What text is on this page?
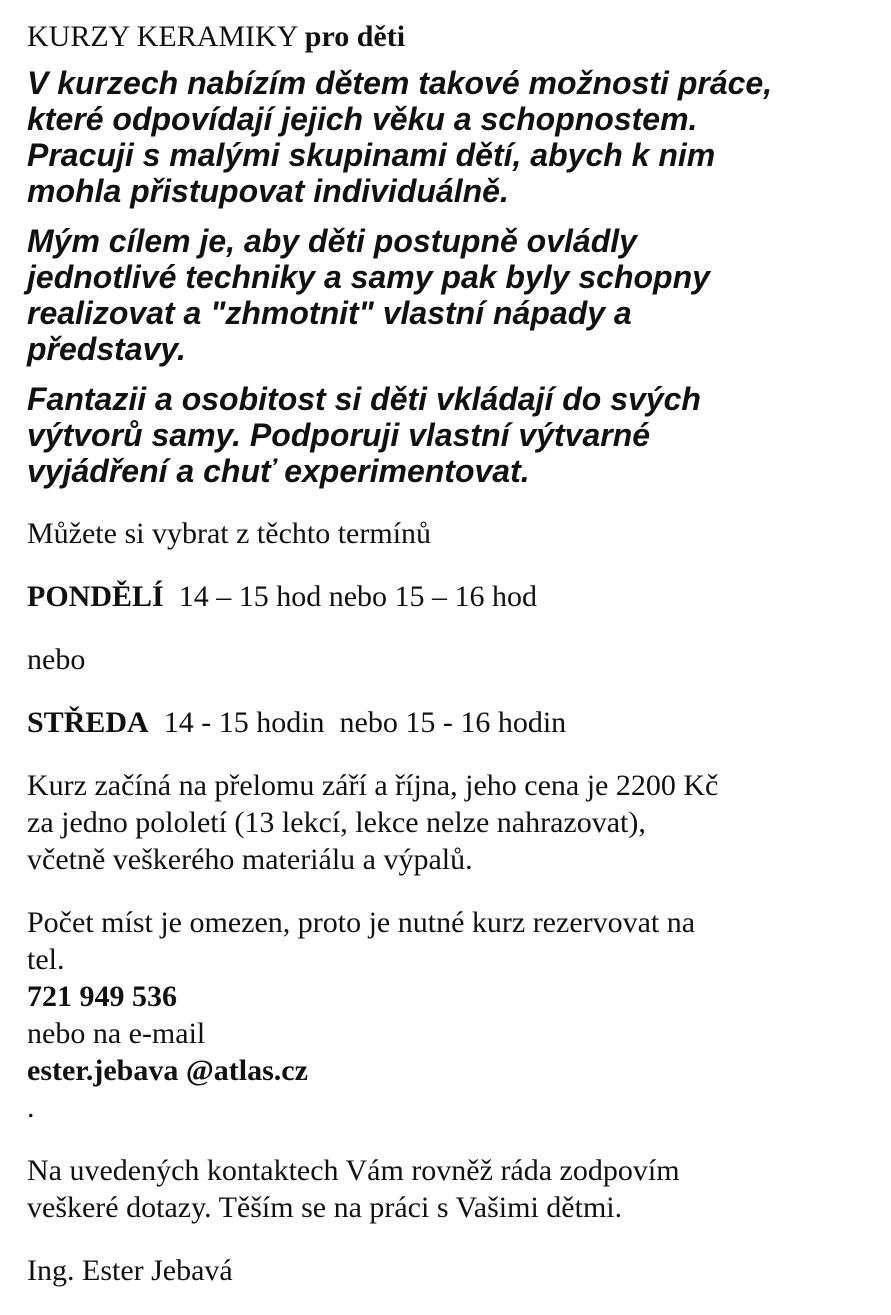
KURZY KERAMIKY pro děti
V kurzech nabízím dětem takové možnosti práce,
které odpovídají jejich věku a schopnostem.
Pracuji s malými skupinami dětí, abych k nim
mohla přistupovat individuálně.
Mým cílem je, aby děti postupně ovládly
jednotlivé techniky a samy pak byly schopny
realizovat a "zhmotnit" vlastní nápady a
představy.
Fantazii a osobitost si děti vkládají do svých
výtvorů samy. Podporuji vlastní výtvarné
vyjádření a chuť experimentovat.

Můžete si vybrat z těchto termínů

PONDĚLÍ 14 – 15 hod nebo 15 – 16 hod

nebo

STŘEDA 14 - 15 hodin  nebo 15 - 16 hodin

Kurz začíná na přelomu září a října, jeho cena je 2200 Kč
za jedno pololetí (13 lekcí, lekce nelze nahrazovat),
včetně veškerého materiálu a výpalů.

Počet míst je omezen, proto je nutné kurz rezervovat na
tel.
721 949 536
nebo na e-mail
ester.jebava @atlas.cz
.

Na uvedených kontaktech Vám rovněž ráda zodpovím
veškeré dotazy. Těším se na práci s Vašimi dětmi.

Ing. Ester Jebavá
